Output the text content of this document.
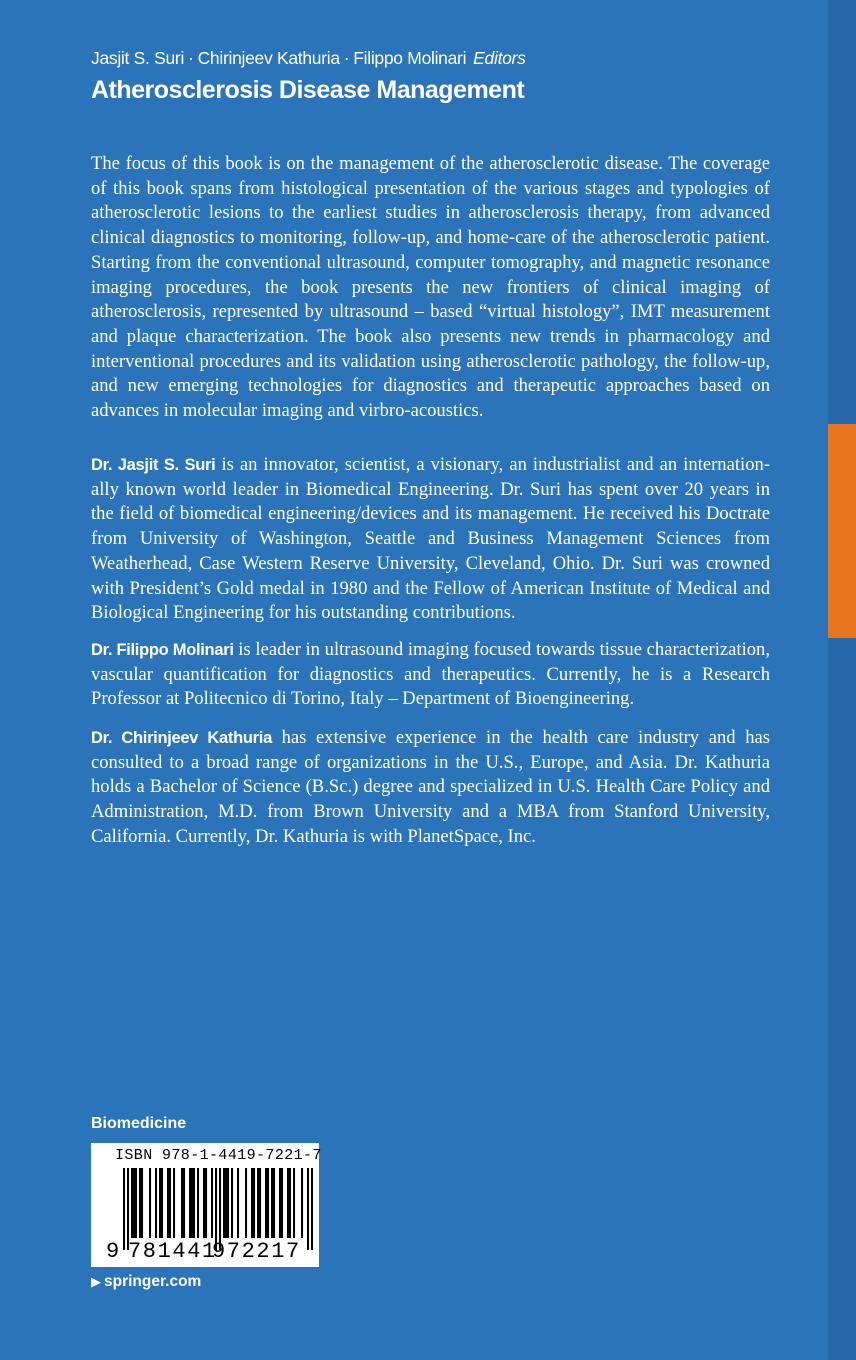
Jasjit S. Suri · Chirinjeev Kathuria · Filippo Molinari Editors
Atherosclerosis Disease Management
The focus of this book is on the management of the atherosclerotic disease. The coverage of this book spans from histological presentation of the various stages and typologies of atherosclerotic lesions to the earliest studies in atherosclerosis therapy, from advanced clinical diagnostics to monitoring, follow-up, and home-care of the atherosclerotic patient. Starting from the conventional ultrasound, computer tomography, and magnetic resonance imaging procedures, the book presents the new frontiers of clinical imaging of atherosclerosis, represented by ultrasound – based “virtual histology”, IMT measurement and plaque characterization. The book also presents new trends in pharmacology and interventional procedures and its validation using atherosclerotic pathology, the follow-up, and new emerging technologies for diagnostics and therapeutic approaches based on advances in molecular imaging and virbro-acoustics.
Dr. Jasjit S. Suri is an innovator, scientist, a visionary, an industrialist and an internationally known world leader in Biomedical Engineering. Dr. Suri has spent over 20 years in the field of biomedical engineering/devices and its management. He received his Doctrate from University of Washington, Seattle and Business Management Sciences from Weatherhead, Case Western Reserve University, Cleveland, Ohio. Dr. Suri was crowned with President’s Gold medal in 1980 and the Fellow of American Institute of Medical and Biological Engineering for his outstanding contributions.
Dr. Filippo Molinari is leader in ultrasound imaging focused towards tissue characterization, vascular quantification for diagnostics and therapeutics. Currently, he is a Research Professor at Politecnico di Torino, Italy – Department of Bioengineering.
Dr. Chirinjeev Kathuria has extensive experience in the health care industry and has consulted to a broad range of organizations in the U.S., Europe, and Asia. Dr. Kathuria holds a Bachelor of Science (B.Sc.) degree and specialized in U.S. Health Care Policy and Administration, M.D. from Brown University and a MBA from Stanford University, California. Currently, Dr. Kathuria is with PlanetSpace, Inc.
Biomedicine
ISBN 978-1-4419-7221-7
9 781441
972217
▶ springer.com
